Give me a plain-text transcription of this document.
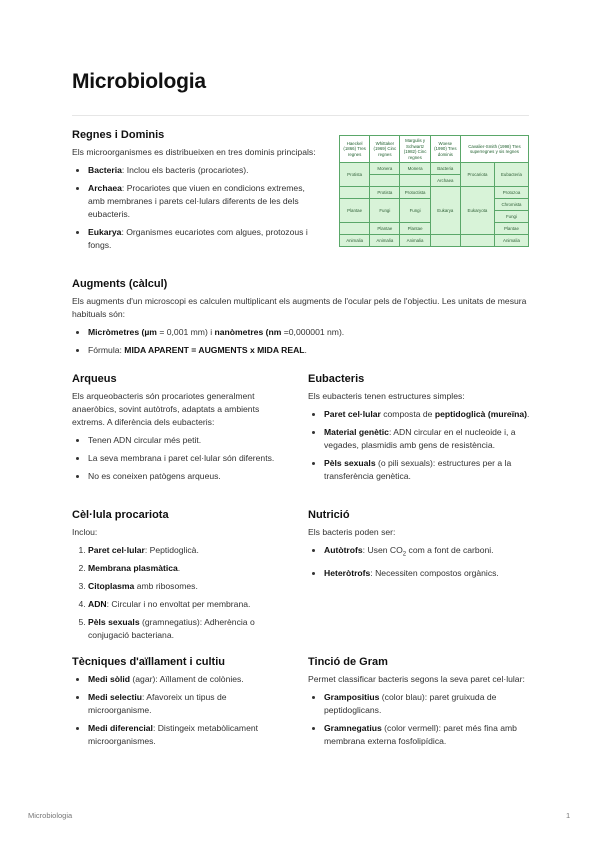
Microbiologia
Regnes i Dominis

Els microorganismes es distribueixen en tres dominis principals:

• Bacteria: Inclou els bacteris (procariotes).
• Archaea: Procariotes que viuen en condicions extremes, amb membranes i parets cel·lulars diferents de les dels eubacteris.
• Eukarya: Organismes eucariotes com algues, protozous i fongs.
Haeckel (1866) Tres regnes	Whittaker (1969) Cinc regnes	Margulis y Schwartz (1982) Cinc regnes	Woese (1990) Tres dominis	Cavalier-Smith (1998) Tres superregnes y sis regnes	
Protista	Monera	Monera	Bacteria	Procariota	Eubacteria
			Archaea		
	Protista	Protoctista	Eukarya	Eukaryota	Protozoa
Plantae	Fungi	Fungi			Chromista
					Fungi
	Plantae	Plantae			Plantae
Animalia	Animalia	Animalia			Animalia
Augments (càlcul)

Els augments d'un microscopi es calculen multiplicant els augments de l'ocular pels de l'objectiu. Les unitats de mesura habituals són:

• Micròmetres (µm = 0,001 mm) i nanòmetres (nm =0,000001 nm).
• Fórmula: MIDA APARENT = AUGMENTS x MIDA REAL.
Arqueus

Els arqueobacteris són procariotes generalment anaeròbics, sovint autòtrofs, adaptats a ambients extrems. A diferència dels eubacteris:

• Tenen ADN circular més petit.
• La seva membrana i paret cel·lular són diferents.
• No es coneixen patògens arqueus.
Eubacteris

Els eubacteris tenen estructures simples:

• Paret cel·lular composta de peptidoglicà (mureïna).
• Material genètic: ADN circular en el nucleoide i, a vegades, plasmidis amb gens de resistència.
• Pèls sexuals (o pili sexuals): estructures per a la transferència genètica.
Cèl·lula procariota

Inclou:

1. Paret cel·lular: Peptidoglicà.
2. Membrana plasmàtica.
3. Citoplasma amb ribosomes.
4. ADN: Circular i no envoltat per membrana.
5. Pèls sexuals (gramnegatius): Adherència o conjugació bacteriana.
Nutrició

Els bacteris poden ser:

• Autòtrofs: Usen $CO_2$ com a font de carboni.
• Heteròtrofs: Necessiten compostos orgànics.
Tècniques d'aïllament i cultiu
• Medi sòlid (agar): Aïllament de colònies.
• Medi selectiu: Afavoreix un tipus de microorganisme.
• Medi diferencial: Distingeix metabòlicament microorganismes.
Tinció de Gram

Permet classificar bacteris segons la seva paret cel·lular:

• Grampositius (color blau): paret gruixuda de peptidoglicans.
• Gramnegatius (color vermell): paret més fina amb membrana externa fosfolipídica.
Microbiologia	1
